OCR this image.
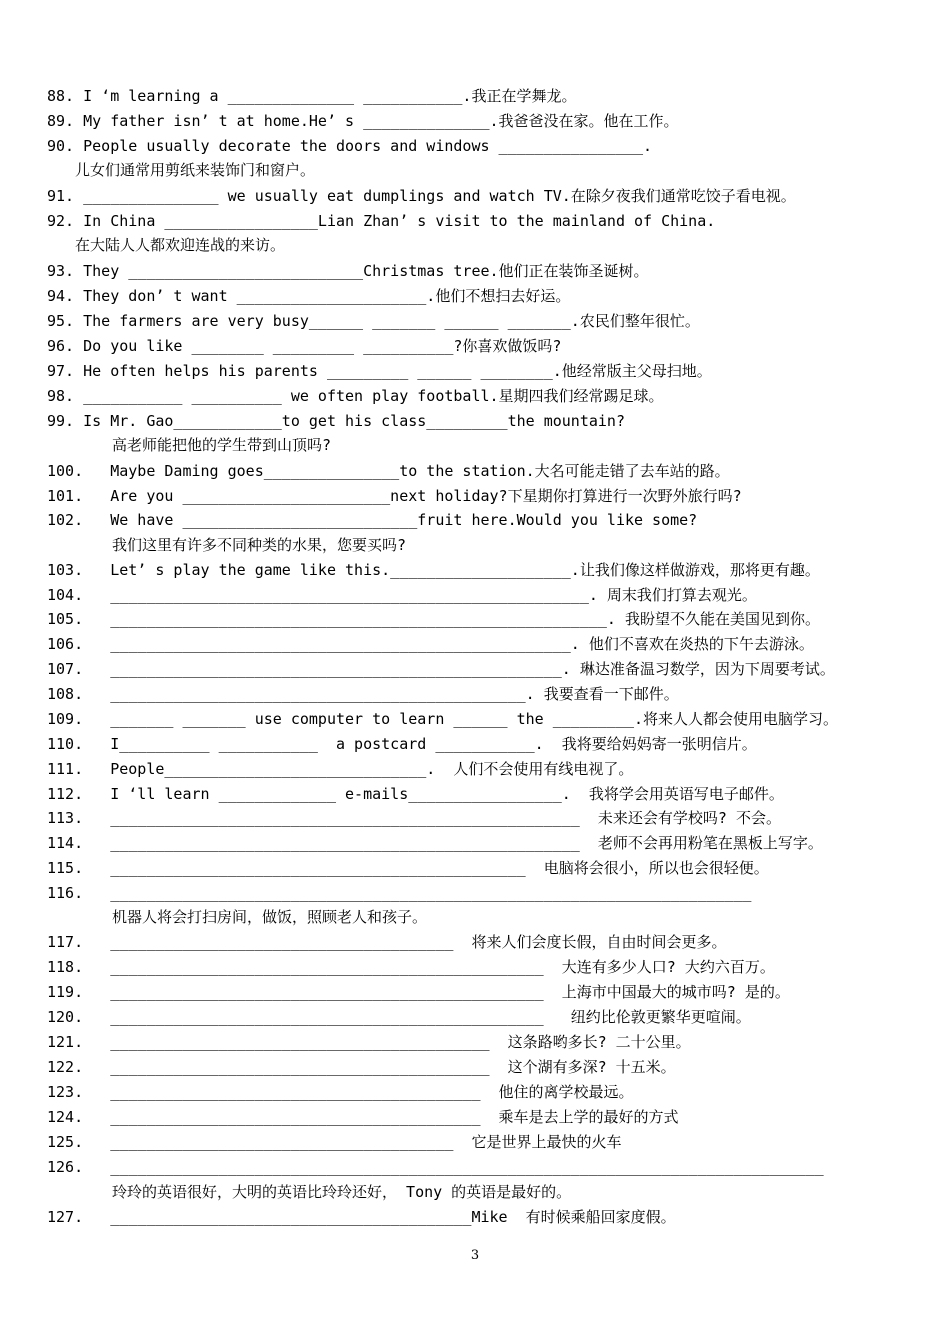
88. I ‘m learning a ______________ ___________.我正在学舞龙。
89. My father isn’ t at home.He’ s ______________.我爸爸没在家。他在工作。
90. People usually decorate the doors and windows ________________.
儿女们通常用剪纸来装饰门和窗户。
91. _______________ we usually eat dumplings and watch TV.在除夕夜我们通常吃饺子看电视。
92. In China _________________Lian Zhan’ s visit to the mainland of China.
在大陆人人都欢迎连战的来访。
93. They __________________________Christmas tree.他们正在装饰圣诞树。
94. They don’ t want _____________________.他们不想扫去好运。
95. The farmers are very busy______ _______ ______ _______.农民们整年很忙。
96. Do you like ________ _________ __________?你喜欢做饭吗?
97. He often helps his parents _________ ______ ________.他经常版主父母扫地。
98. ___________ __________ we often play football.星期四我们经常踢足球。
99. Is Mr. Gao____________to get his class_________the mountain?
高老师能把他的学生带到山顶吗?
100.   Maybe Daming goes_______________to the station.大名可能走错了去车站的路。
101.   Are you _______________________next holiday?下星期你打算进行一次野外旅行吗?
102.   We have __________________________fruit here.Would you like some?
我们这里有许多不同种类的水果，您要买吗?
103.   Let’ s play the game like this.____________________.让我们像这样做游戏，那将更有趣。
104.   _____________________________________________________. 周末我们打算去观光。
105.   _______________________________________________________. 我盼望不久能在美国见到你。
106.   ___________________________________________________. 他们不喜欢在炎热的下午去游泳。
107.   __________________________________________________. 琳达准备温习数学，因为下周要考试。
108.   ______________________________________________. 我要查看一下邮件。
109.   _______ _______ use computer to learn ______ the _________.将来人人都会使用电脑学习。
110.   I__________ ___________  a postcard ___________.  我将要给妈妈寄一张明信片。
111.   People_____________________________.  人们不会使用有线电视了。
112.   I ‘ll learn _____________ e-mails_________________.  我将学会用英语写电子邮件。
113.   ____________________________________________________  未来还会有学校吗? 不会。
114.   ____________________________________________________  老师不会再用粉笔在黑板上写字。
115.   ______________________________________________  电脑将会很小，所以也会很轻便。
116.   _______________________________________________________________________
机器人将会打扫房间，做饭，照顾老人和孩子。
117.   ______________________________________  将来人们会度长假，自由时间会更多。
118.   ________________________________________________  大连有多少人口? 大约六百万。
119.   ________________________________________________  上海市中国最大的城市吗? 是的。
120.   ________________________________________________   纽约比伦敦更繁华更喧闹。
121.   __________________________________________  这条路哟多长? 二十公里。
122.   __________________________________________  这个湖有多深? 十五米。
123.   _________________________________________  他住的离学校最远。
124.   _________________________________________  乘车是去上学的最好的方式
125.   ______________________________________  它是世界上最快的火车
126.   _______________________________________________________________________________
玲玲的英语很好，大明的英语比玲玲还好， Tony 的英语是最好的。
127.   ________________________________________Mike  有时候乘船回家度假。
3
